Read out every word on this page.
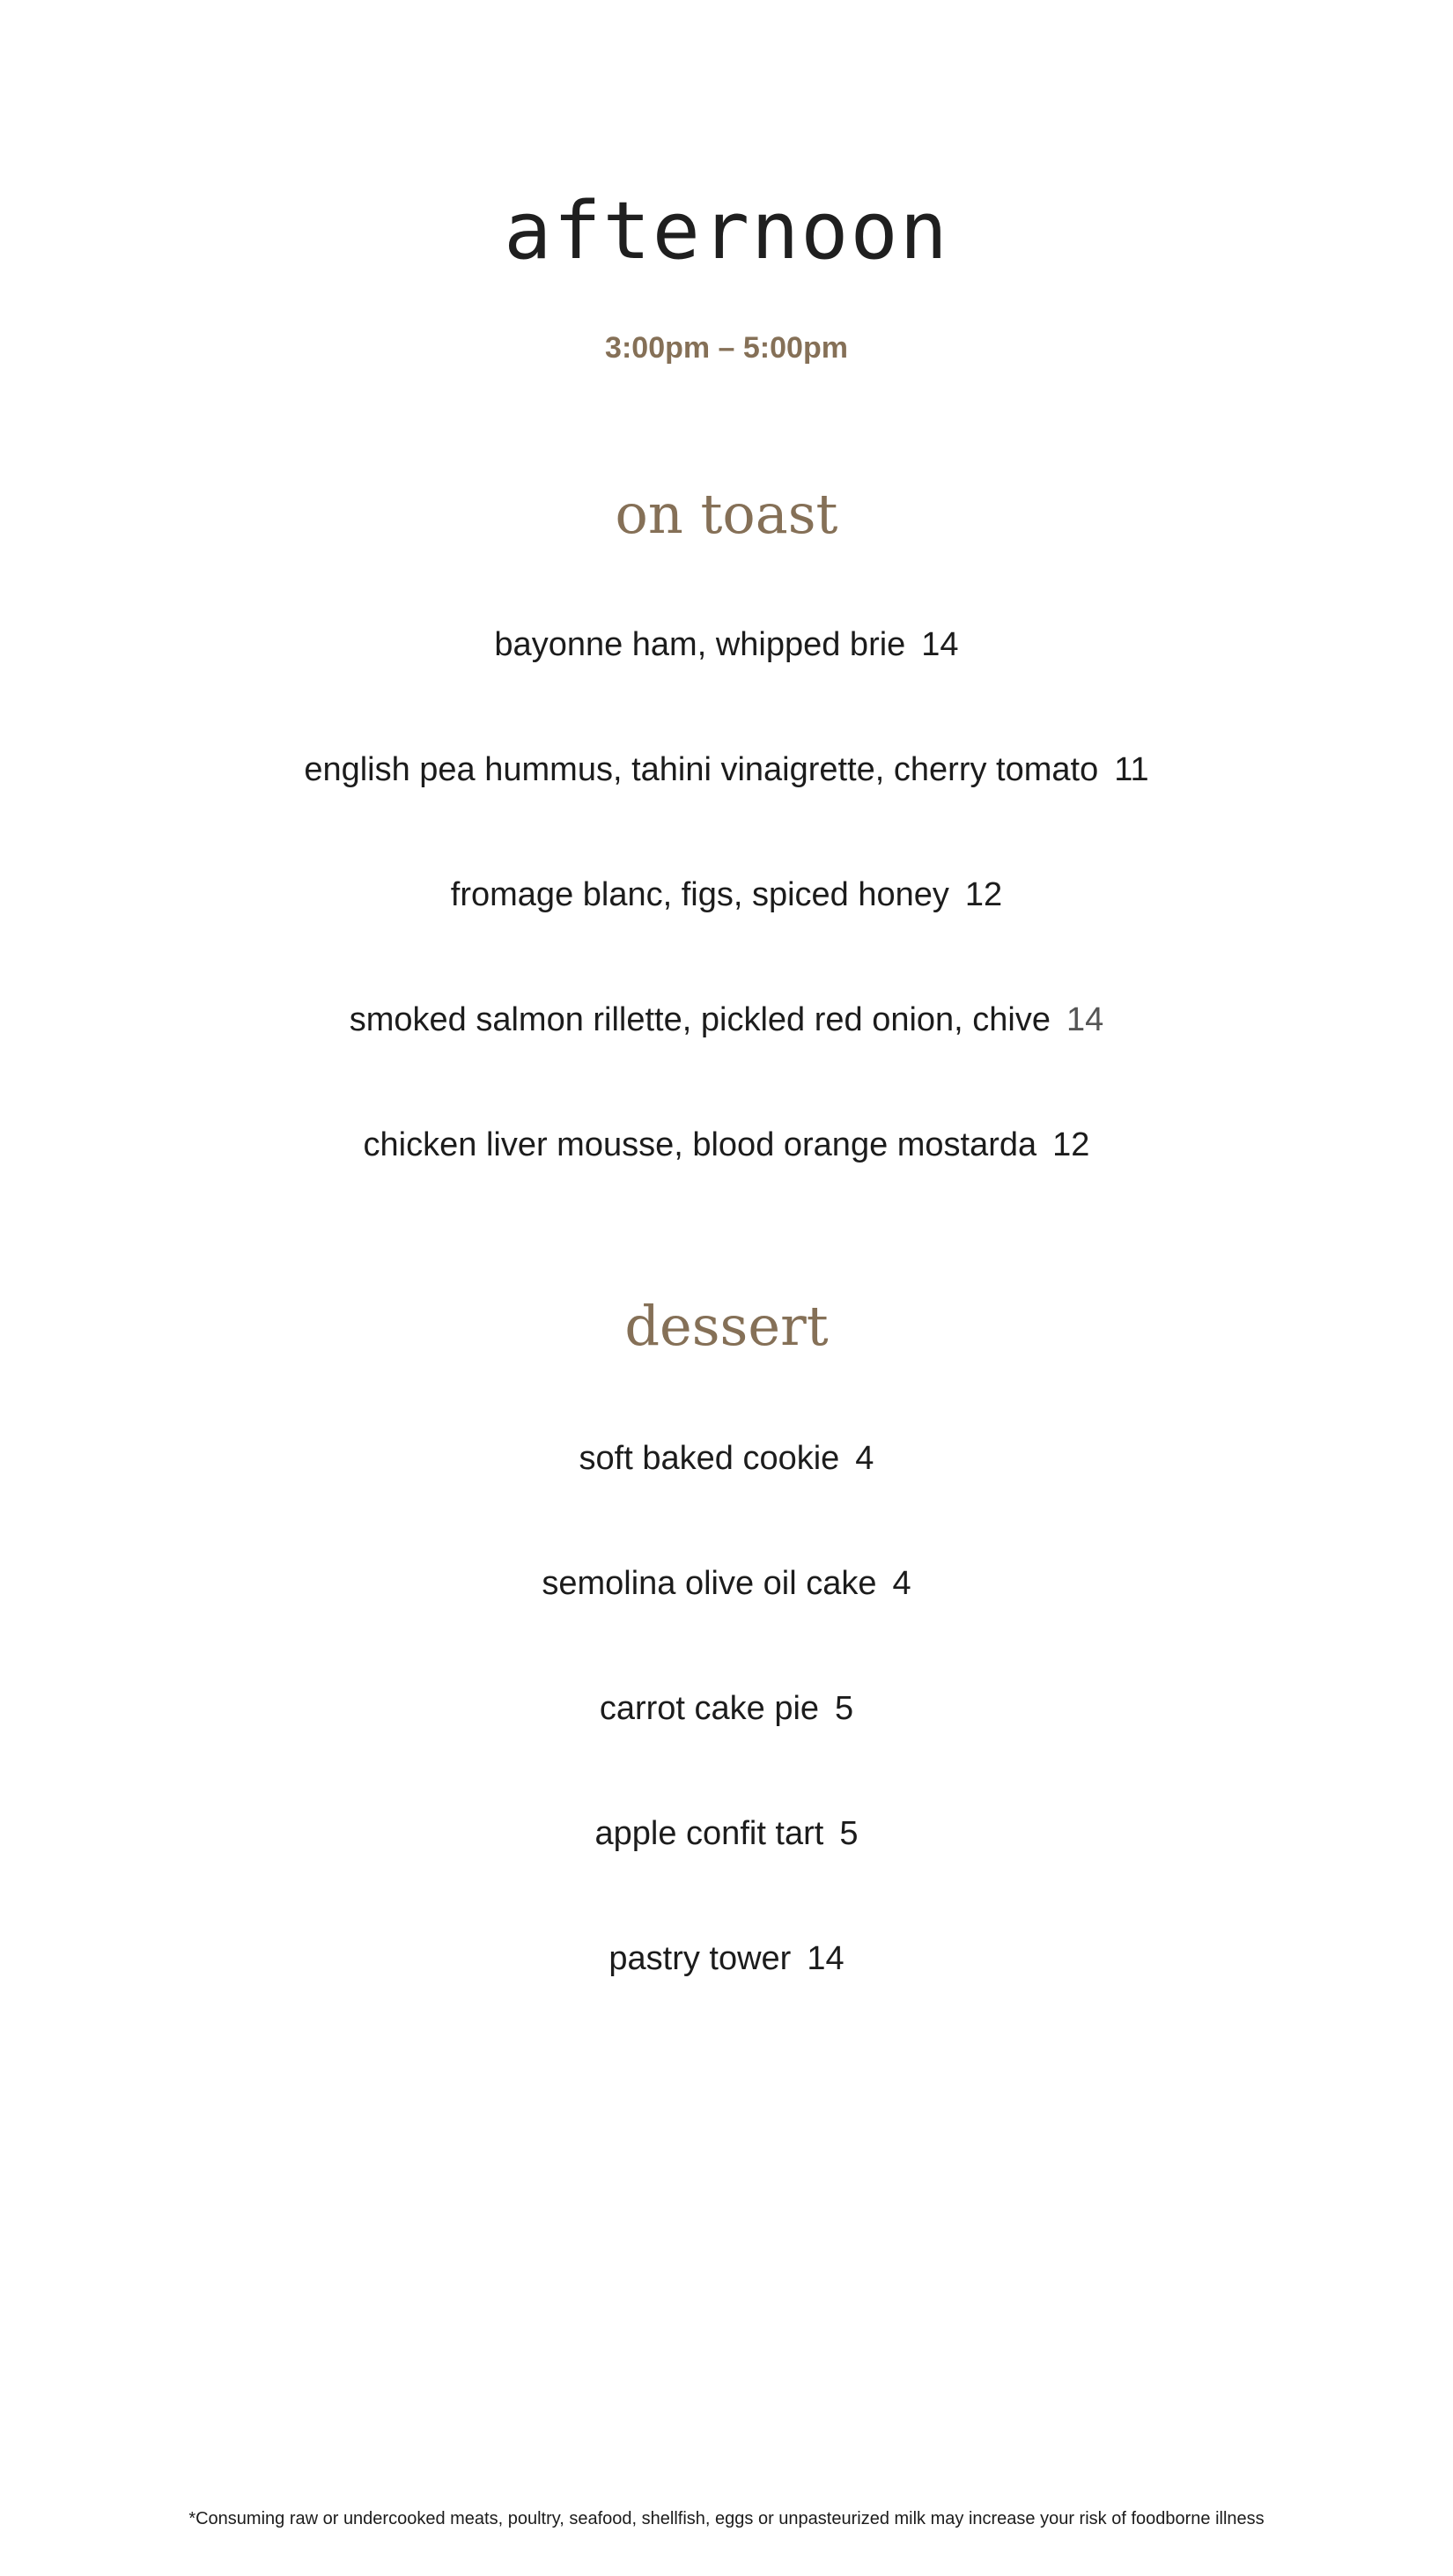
afternoon
3:00pm – 5:00pm
on toast
bayonne ham, whipped brie 14
english pea hummus, tahini vinaigrette, cherry tomato 11
fromage blanc, figs, spiced honey 12
smoked salmon rillette, pickled red onion, chive 14
chicken liver mousse, blood orange mostarda 12
dessert
soft baked cookie 4
semolina olive oil cake 4
carrot cake pie 5
apple confit tart 5
pastry tower 14
*Consuming raw or undercooked meats, poultry, seafood, shellfish, eggs or unpasteurized milk may increase your risk of foodborne illness
